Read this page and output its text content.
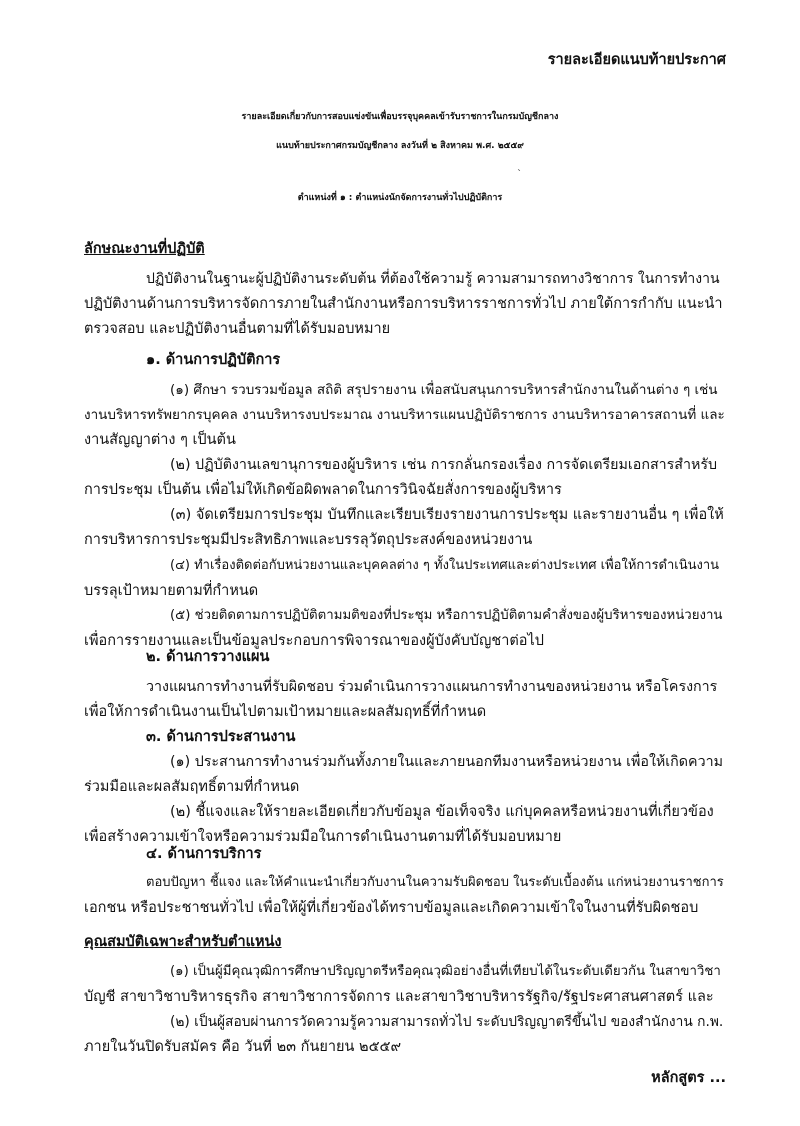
รายละเอียดแนบท้ายประกาศ
รายละเอียดเกี่ยวกับการสอบแข่งขันเพื่อบรรจุบุคคลเข้ารับราชการในกรมบัญชีกลาง
แนบท้ายประกาศกรมบัญชีกลาง ลงวันที่ ๒ สิงหาคม พ.ศ. ๒๕๕๙
`
ตำแหน่งที่ ๑ : ตำแหน่งนักจัดการงานทั่วไปปฏิบัติการ
ลักษณะงานที่ปฏิบัติ
ปฏิบัติงานในฐานะผู้ปฏิบัติงานระดับต้น ที่ต้องใช้ความรู้ ความสามารถทางวิชาการ ในการทำงาน
ปฏิบัติงานด้านการบริหารจัดการภายในสำนักงานหรือการบริหารราชการทั่วไป ภายใต้การกำกับ แนะนำ
ตรวจสอบ และปฏิบัติงานอื่นตามที่ได้รับมอบหมาย
๑. ด้านการปฏิบัติการ
(๑) ศึกษา รวบรวมข้อมูล สถิติ สรุปรายงาน เพื่อสนับสนุนการบริหารสำนักงานในด้านต่าง ๆ เช่น
งานบริหารทรัพยากรบุคคล งานบริหารงบประมาณ งานบริหารแผนปฏิบัติราชการ งานบริหารอาคารสถานที่ และ
งานสัญญาต่าง ๆ เป็นต้น
(๒) ปฏิบัติงานเลขานุการของผู้บริหาร เช่น การกลั่นกรองเรื่อง การจัดเตรียมเอกสารสำหรับ
การประชุม เป็นต้น เพื่อไม่ให้เกิดข้อผิดพลาดในการวินิจฉัยสั่งการของผู้บริหาร
(๓) จัดเตรียมการประชุม บันทึกและเรียบเรียงรายงานการประชุม และรายงานอื่น ๆ เพื่อให้
การบริหารการประชุมมีประสิทธิภาพและบรรลุวัตถุประสงค์ของหน่วยงาน
(๔) ทำเรื่องติดต่อกับหน่วยงานและบุคคลต่าง ๆ ทั้งในประเทศและต่างประเทศ เพื่อให้การดำเนินงาน
บรรลุเป้าหมายตามที่กำหนด
(๕) ช่วยติดตามการปฏิบัติตามมติของที่ประชุม หรือการปฏิบัติตามคำสั่งของผู้บริหารของหน่วยงาน
เพื่อการรายงานและเป็นข้อมูลประกอบการพิจารณาของผู้บังคับบัญชาต่อไป
๒. ด้านการวางแผน
วางแผนการทำงานที่รับผิดชอบ ร่วมดำเนินการวางแผนการทำงานของหน่วยงาน หรือโครงการ
เพื่อให้การดำเนินงานเป็นไปตามเป้าหมายและผลสัมฤทธิ์ที่กำหนด
๓. ด้านการประสานงาน
(๑) ประสานการทำงานร่วมกันทั้งภายในและภายนอกทีมงานหรือหน่วยงาน เพื่อให้เกิดความ
ร่วมมือและผลสัมฤทธิ์ตามที่กำหนด
(๒) ชี้แจงและให้รายละเอียดเกี่ยวกับข้อมูล ข้อเท็จจริง แก่บุคคลหรือหน่วยงานที่เกี่ยวข้อง
เพื่อสร้างความเข้าใจหรือความร่วมมือในการดำเนินงานตามที่ได้รับมอบหมาย
๔. ด้านการบริการ
ตอบปัญหา ชี้แจง และให้คำแนะนำเกี่ยวกับงานในความรับผิดชอบ ในระดับเบื้องต้น แก่หน่วยงานราชการ
เอกชน หรือประชาชนทั่วไป เพื่อให้ผู้ที่เกี่ยวข้องได้ทราบข้อมูลและเกิดความเข้าใจในงานที่รับผิดชอบ
คุณสมบัติเฉพาะสำหรับตำแหน่ง
(๑) เป็นผู้มีคุณวุฒิการศึกษาปริญญาตรีหรือคุณวุฒิอย่างอื่นที่เทียบได้ในระดับเดียวกัน ในสาขาวิชา
บัญชี สาขาวิชาบริหารธุรกิจ สาขาวิชาการจัดการ และสาขาวิชาบริหารรัฐกิจ/รัฐประศาสนศาสตร์ และ
(๒) เป็นผู้สอบผ่านการวัดความรู้ความสามารถทั่วไป ระดับปริญญาตรีขึ้นไป ของสำนักงาน ก.พ.
ภายในวันปิดรับสมัคร คือ วันที่ ๒๓ กันยายน ๒๕๕๙
หลักสูตร ...
